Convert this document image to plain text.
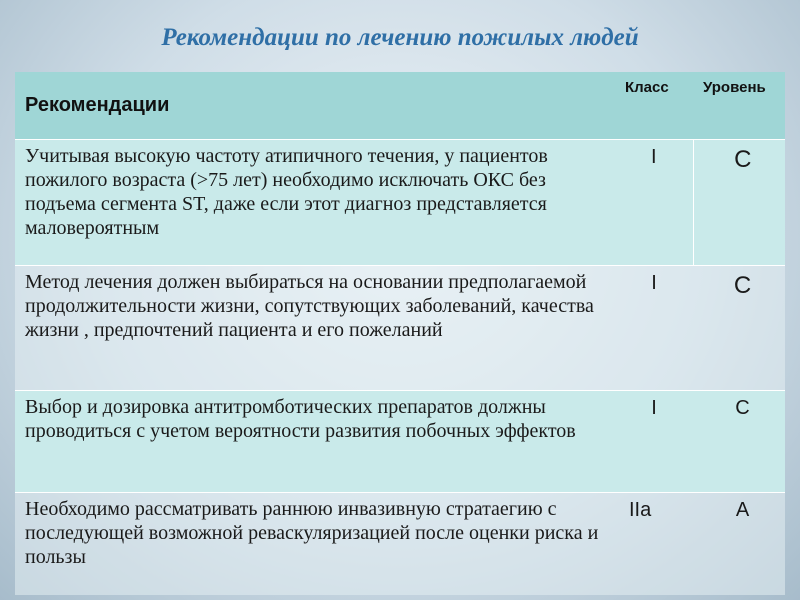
Рекомендации по лечению пожилых людей
Рекомендации	Класс	Уровень
Учитывая высокую частоту атипичного течения, у пациентов пожилого возраста (>75 лет) необходимо исключать ОКС без подъема сегмента ST, даже если этот диагноз представляется маловероятным	I	C
Метод лечения должен выбираться на основании предполагаемой продолжительности жизни, сопутствующих заболеваний, качества жизни , предпочтений пациента и его пожеланий	I	C
Выбор и дозировка антитромботических препаратов должны проводиться с учетом вероятности развития побочных эффектов	I	C
Необходимо рассматривать раннюю инвазивную стратаегию с последующей возможной реваскуляризацией после оценки риска и пользы	IIa	A
